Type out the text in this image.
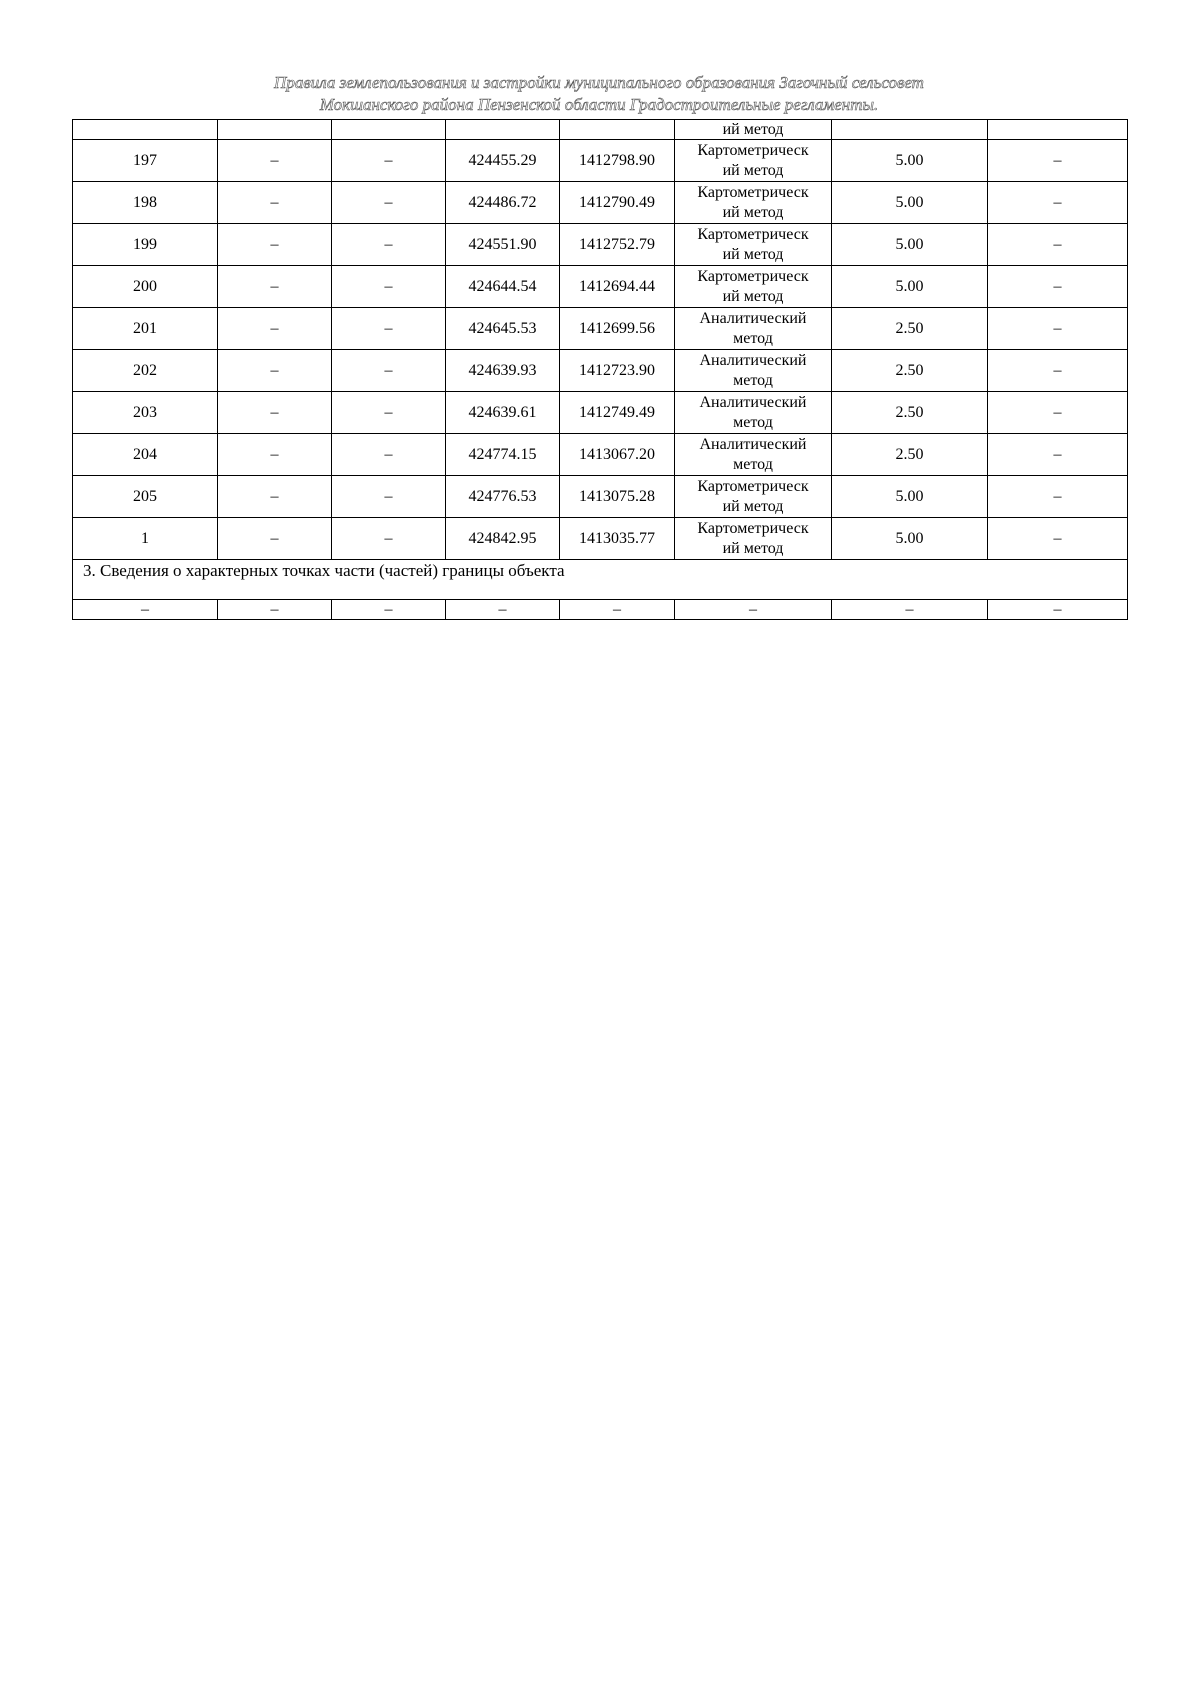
Правила землепользования и застройки муниципального образования Загочный сельсовет
Мокшанского района Пензенской области Градостроительные регламенты.
					ий метод		
197	–	–	424455.29	1412798.90	Картометрическ
ий метод	5.00	–
198	–	–	424486.72	1412790.49	Картометрическ
ий метод	5.00	–
199	–	–	424551.90	1412752.79	Картометрическ
ий метод	5.00	–
200	–	–	424644.54	1412694.44	Картометрическ
ий метод	5.00	–
201	–	–	424645.53	1412699.56	Аналитический
метод	2.50	–
202	–	–	424639.93	1412723.90	Аналитический
метод	2.50	–
203	–	–	424639.61	1412749.49	Аналитический
метод	2.50	–
204	–	–	424774.15	1413067.20	Аналитический
метод	2.50	–
205	–	–	424776.53	1413075.28	Картометрическ
ий метод	5.00	–
1	–	–	424842.95	1413035.77	Картометрическ
ий метод	5.00	–
3. Сведения о характерных точках части (частей) границы объекта							
–	–	–	–	–	–	–	–
